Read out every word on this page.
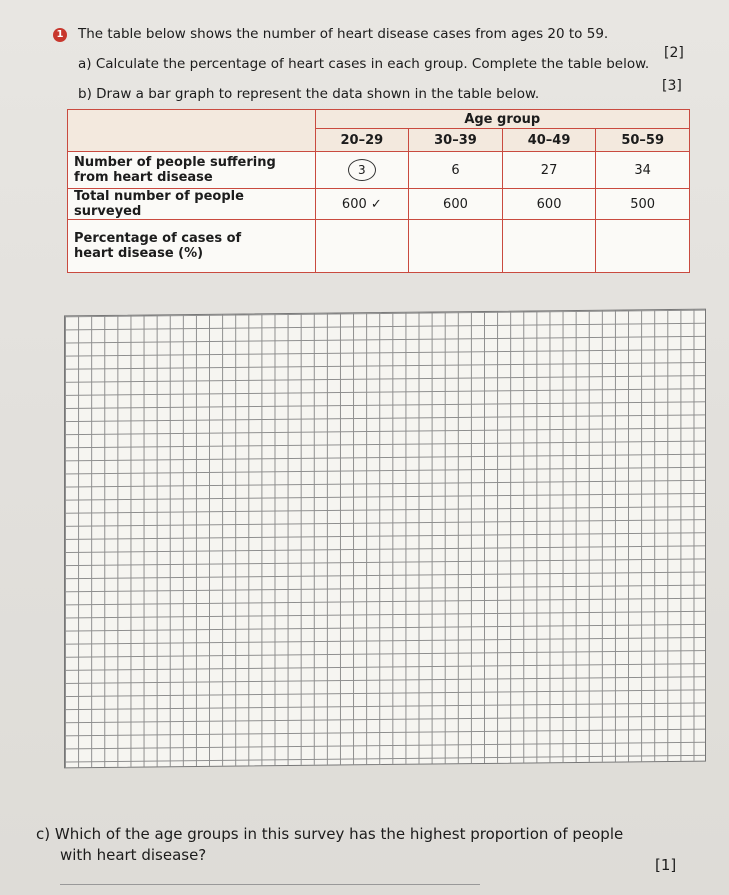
1 The table below shows the number of heart disease cases from ages 20 to 59.
a) Calculate the percentage of heart cases in each group. Complete the table below.
[2]
b) Draw a bar graph to represent the data shown in the table below.	[3]
	Age group			
	20–29	30–39	40–49	50–59
Number of people suffering
from heart disease	3	6	27	34
Total number of people surveyed	600 ✓	600	600	500
Percentage of cases of
heart disease (%)				
c) Which of the age groups in this survey has the highest proportion of people
with heart disease?
[1]
